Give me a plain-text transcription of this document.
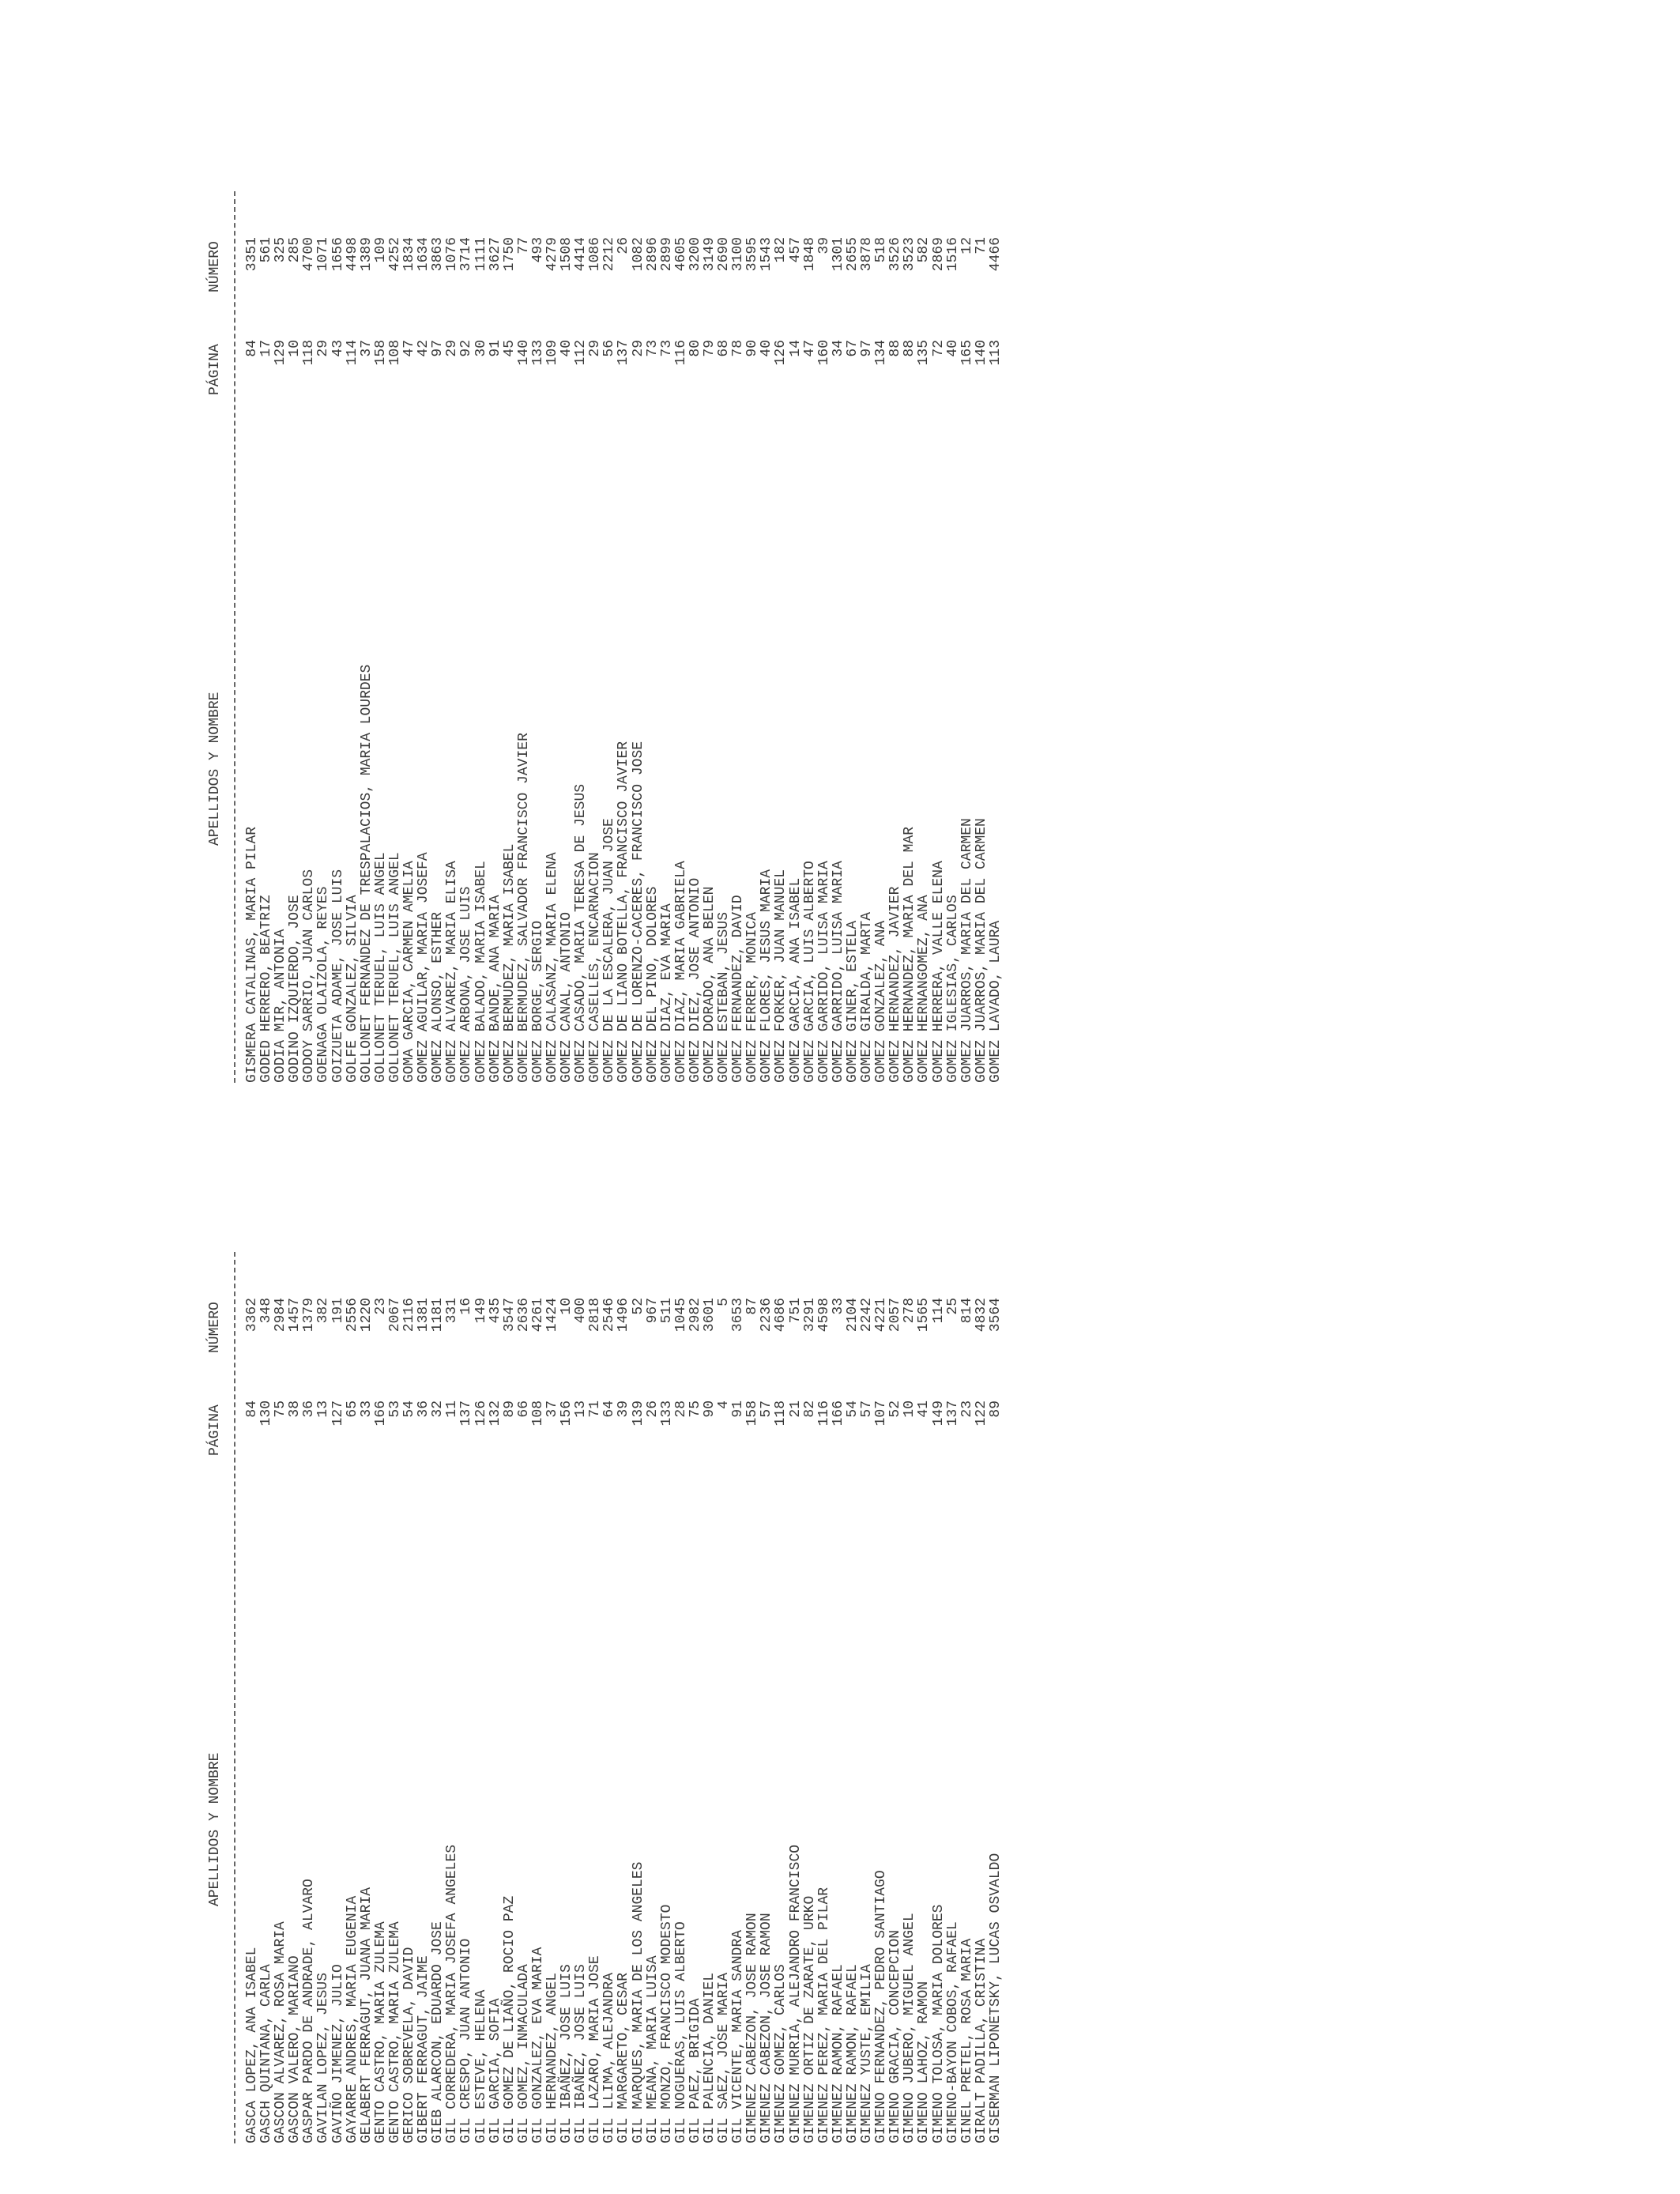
APELLIDOS Y NOMBRE
PÁGINA
NÚMERO
GASCA LOPEZ, ANA ISABEL
84
3362
GASCH QUINTANA, CARLA
130
348
GASCON ALVAREZ, ROSA MARIA
75
2984
GASCON VALERO, MARIANO
38
1457
GASPAR PARDO DE ANDRADE, ALVARO
36
1379
GAVILAN LOPEZ, JESUS
13
382
GAVIÑO JIMENEZ, JULIO
127
191
GAYARRE ANDRES, MARIA EUGENIA
65
2556
GELABERT FERRAGUT, JUANA MARIA
33
1220
GENTO CASTRO, MARIA ZULEMA
166
23
GENTO CASTRO, MARIA ZULEMA
53
2067
GERICO SOBREVELA, DAVID
54
2116
GIBERT FERRAGUT, JAIME
36
1381
GIEB ALARCON, EDUARDO JOSE
32
1181
GIL CORREDERA, MARIA JOSEFA ANGELES
11
331
GIL CRESPO, JUAN ANTONIO
137
16
GIL ESTEVE, HELENA
126
149
GIL GARCIA, SOFIA
132
435
GIL GOMEZ DE LIAÑO, ROCIO PAZ
89
3547
GIL GOMEZ, INMACULADA
66
2636
GIL GONZALEZ, EVA MARIA
108
4261
GIL HERNANDEZ, ANGEL
37
1424
GIL IBAÑEZ, JOSE LUIS
156
10
GIL IBAÑEZ, JOSE LUIS
13
400
GIL LAZARO, MARIA JOSE
71
2818
GIL LLIMA, ALEJANDRA
64
2546
GIL MARGARETO, CESAR
39
1496
GIL MARQUES, MARIA DE LOS ANGELES
139
52
GIL MEANA, MARIA LUISA
26
967
GIL MONZO, FRANCISCO MODESTO
133
511
GIL NOGUERAS, LUIS ALBERTO
28
1045
GIL PAEZ, BRIGIDA
75
2982
GIL PALENCIA, DANIEL
90
3601
GIL SAEZ, JOSE MARIA
4
5
GIL VICENTE, MARIA SANDRA
91
3653
GIMENEZ CABEZON, JOSE RAMON
158
87
GIMENEZ CABEZON, JOSE RAMON
57
2236
GIMENEZ GOMEZ, CARLOS
118
4686
GIMENEZ MURRIA, ALEJANDRO FRANCISCO
21
751
GIMENEZ ORTIZ DE ZARATE, URKO
82
3291
GIMENEZ PEREZ, MARIA DEL PILAR
116
4598
GIMENEZ RAMON, RAFAEL
166
33
GIMENEZ RAMON, RAFAEL
54
2104
GIMENEZ YUSTE, EMILIA
57
2242
GIMENO FERNANDEZ, PEDRO SANTIAGO
107
4221
GIMENO GRACIA, CONCEPCION
52
2057
GIMENO JUBERO, MIGUEL ANGEL
10
278
GIMENO LAHOZ, RAMON
41
1565
GIMENO TOLOSA, MARIA DOLORES
149
114
GIMENO-BAYON COBOS, RAFAEL
137
25
GINEL PRETEL, ROSA MARIA
23
814
GIRALT PADILLA, CRISTINA
122
4832
GISERMAN LIPONETSKY, LUCAS OSVALDO
89
3564
APELLIDOS Y NOMBRE
PÁGINA
NÚMERO
GISMERA CATALINAS, MARIA PILAR
84
3351
GODED HERRERO, BEATRIZ
17
561
GODIA MIR, ANTONIA
129
325
GODINO IZQUIERDO, JOSE
10
285
GODOY SARRIO, JUAN CARLOS
118
4700
GOENAGA OLAIZOLA, REYES
29
1071
GOIZUETA ADAME, JOSE LUIS
43
1656
GOLFE GONZALEZ, SILVIA
114
4498
GOLLONET FERNANDEZ DE TRESPALACIOS, MARIA LOURDES
37
1389
GOLLONET TERUEL, LUIS ANGEL
158
109
GOLLONET TERUEL, LUIS ANGEL
108
4252
GOMA GARCIA, CARMEN AMELIA
47
1834
GOMEZ AGUILAR, MARIA JOSEFA
42
1634
GOMEZ ALONSO, ESTHER
97
3863
GOMEZ ALVAREZ, MARIA ELISA
29
1076
GOMEZ ARBONA, JOSE LUIS
92
3714
GOMEZ BALADO, MARIA ISABEL
30
1111
GOMEZ BANDE, ANA MARIA
91
3627
GOMEZ BERMUDEZ, MARIA ISABEL
45
1750
GOMEZ BERMUDEZ, SALVADOR FRANCISCO JAVIER
140
77
GOMEZ BORGE, SERGIO
133
493
GOMEZ CALASANZ, MARIA ELENA
109
4279
GOMEZ CANAL, ANTONIO
40
1508
GOMEZ CASADO, MARIA TERESA DE JESUS
112
4414
GOMEZ CASELLES, ENCARNACION
29
1086
GOMEZ DE LA ESCALERA, JUAN JOSE
56
2212
GOMEZ DE LIANO BOTELLA, FRANCISCO JAVIER
137
26
GOMEZ DE LORENZO-CACERES, FRANCISCO JOSE
29
1082
GOMEZ DEL PINO, DOLORES
73
2896
GOMEZ DIAZ, EVA MARIA
73
2899
GOMEZ DIAZ, MARIA GABRIELA
116
4605
GOMEZ DIEZ, JOSE ANTONIO
80
3200
GOMEZ DORADO, ANA BELEN
79
3149
GOMEZ ESTEBAN, JESUS
68
2690
GOMEZ FERNANDEZ, DAVID
78
3100
GOMEZ FERRER, MONICA
90
3595
GOMEZ FLORES, JESUS MARIA
40
1543
GOMEZ FORKER, JUAN MANUEL
126
182
GOMEZ GARCIA, ANA ISABEL
14
457
GOMEZ GARCIA, LUIS ALBERTO
47
1848
GOMEZ GARRIDO, LUISA MARIA
160
39
GOMEZ GARRIDO, LUISA MARIA
34
1301
GOMEZ GINER, ESTELA
67
2655
GOMEZ GIRALDA, MARTA
97
3878
GOMEZ GONZALEZ, ANA
134
518
GOMEZ HERNANDEZ, JAVIER
88
3526
GOMEZ HERNANDEZ, MARIA DEL MAR
88
3523
GOMEZ HERNANGOMEZ, ANA
135
582
GOMEZ HERRERA, VALLE ELENA
72
2869
GOMEZ IGLESIAS, CARLOS
40
1516
GOMEZ JUARROS, MARIA DEL CARMEN
165
12
GOMEZ JUARROS, MARIA DEL CARMEN
140
71
GOMEZ LAVADO, LAURA
113
4466
